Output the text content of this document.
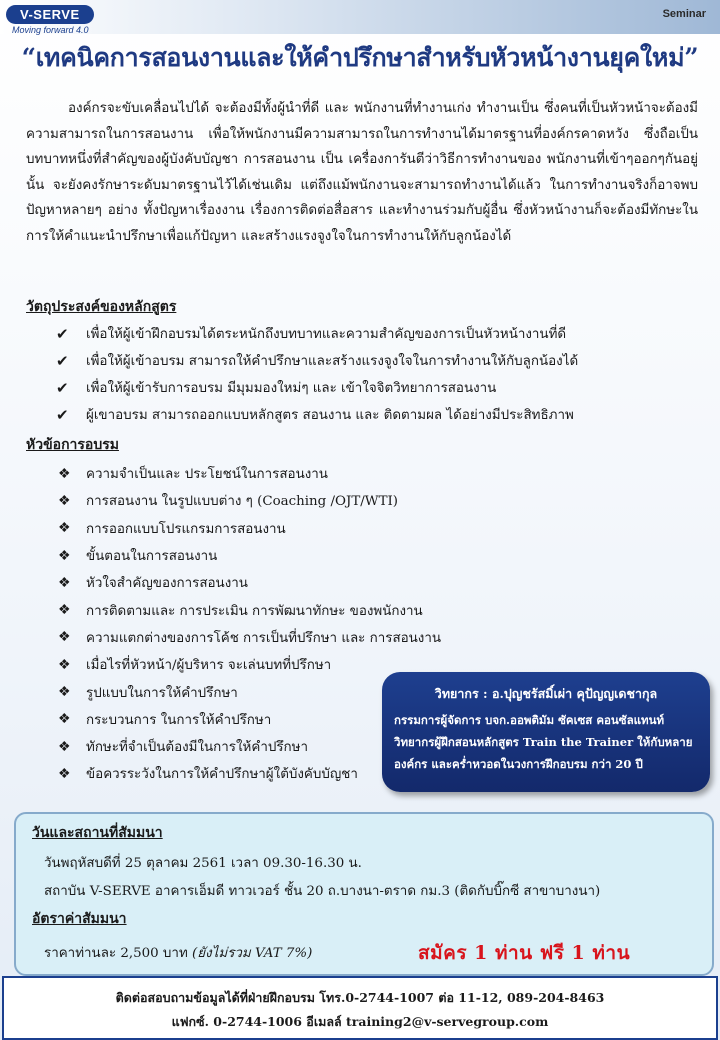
V-SERVE
Moving forward 4.0
Seminar
“เทคนิคการสอนงานและให้คำปรึกษาสำหรับหัวหน้างานยุคใหม่”

องค์กรจะขับเคลื่อนไปได้ จะต้องมีทั้งผู้นำที่ดี และ พนักงานที่ทำงานเก่ง ทำงานเป็น ซึ่งคนที่เป็นหัวหน้าจะต้องมีความสามารถในการสอนงาน เพื่อให้พนักงานมีความสามารถในการทำงานได้มาตรฐานที่องค์กรคาดหวัง ซึ่งถือเป็นบทบาทหนึ่งที่สำคัญของผู้บังคับบัญชา การสอนงาน เป็น เครื่องการันตีว่าวิธีการทำงานของ พนักงานที่เข้าๆออกๆกันอยู่นั้น จะยังคงรักษาระดับมาตรฐานไว้ได้เช่นเดิม แต่ถึงแม้พนักงานจะสามารถทำงานได้แล้ว ในการทำงานจริงก็อาจพบปัญหาหลายๆ อย่าง ทั้งปัญหาเรื่องงาน เรื่องการติดต่อสื่อสาร และทำงานร่วมกับผู้อื่น ซึ่งหัวหน้างานก็จะต้องมีทักษะในการให้คำแนะนำปรึกษาเพื่อแก้ปัญหา และสร้างแรงจูงใจในการทำงานให้กับลูกน้องได้

วัตถุประสงค์ของหลักสูตร
✔	เพื่อให้ผู้เข้าฝึกอบรมได้ตระหนักถึงบทบาทและความสำคัญของการเป็นหัวหน้างานที่ดี
✔	เพื่อให้ผู้เข้าอบรม สามารถให้คำปรึกษาและสร้างแรงจูงใจในการทำงานให้กับลูกน้องได้
✔	เพื่อให้ผู้เข้ารับการอบรม มีมุมมองใหม่ๆ และ เข้าใจจิตวิทยาการสอนงาน
✔	ผู้เขาอบรม สามารถออกแบบหลักสูตร สอนงาน และ ติดตามผล ได้อย่างมีประสิทธิภาพ
หัวข้อการอบรม
❖	ความจำเป็นและ ประโยชน์ในการสอนงาน
❖	การสอนงาน ในรูปแบบต่าง ๆ (Coaching /OJT/WTI)
❖	การออกแบบโปรแกรมการสอนงาน
❖	ขั้นตอนในการสอนงาน
❖	หัวใจสำคัญของการสอนงาน
❖	การติดตามและ การประเมิน การพัฒนาทักษะ ของพนักงาน
❖	ความแตกต่างของการโค้ช การเป็นที่ปรึกษา และ การสอนงาน
❖	เมื่อไรที่หัวหน้า/ผู้บริหาร จะเล่นบทที่ปรึกษา
❖	รูปแบบในการให้คำปรึกษา
❖	กระบวนการ ในการให้คำปรึกษา
❖	ทักษะที่จำเป็นต้องมีในการให้คำปรึกษา
❖	ข้อควรระวังในการให้คำปรึกษาผู้ใต้บังคับบัญชา
วิทยากร : อ.ปุญชรัสมิ์เผ่า คุปัญญเดชากุล
กรรมการผู้จัดการ บจก.ออพติมัม ซัคเซส คอนซัลแทนท์
วิทยากรผู้ฝึกสอนหลักสูตร Train the Trainer ให้กับหลาย
องค์กร และคร่ำหวอดในวงการฝึกอบรม กว่า 20 ปี
วันและสถานที่สัมมนา
วันพฤหัสบดีที่ 25 ตุลาคม 2561 เวลา 09.30-16.30 น.
สถาบัน V-SERVE อาคารเอ็มดี ทาวเวอร์ ชั้น 20 ถ.บางนา-ตราด กม.3 (ติดกับบิ๊กซี สาขาบางนา)
อัตราค่าสัมมนา
ราคาท่านละ 2,500 บาท (ยังไม่รวม VAT 7%)	สมัคร 1 ท่าน ฟรี 1 ท่าน
ติดต่อสอบถามข้อมูลได้ที่ฝ่ายฝึกอบรม โทร.0-2744-1007 ต่อ 11-12, 089-204-8463
แฟกซ์. 0-2744-1006 อีเมลล์ training2@v-servegroup.com
